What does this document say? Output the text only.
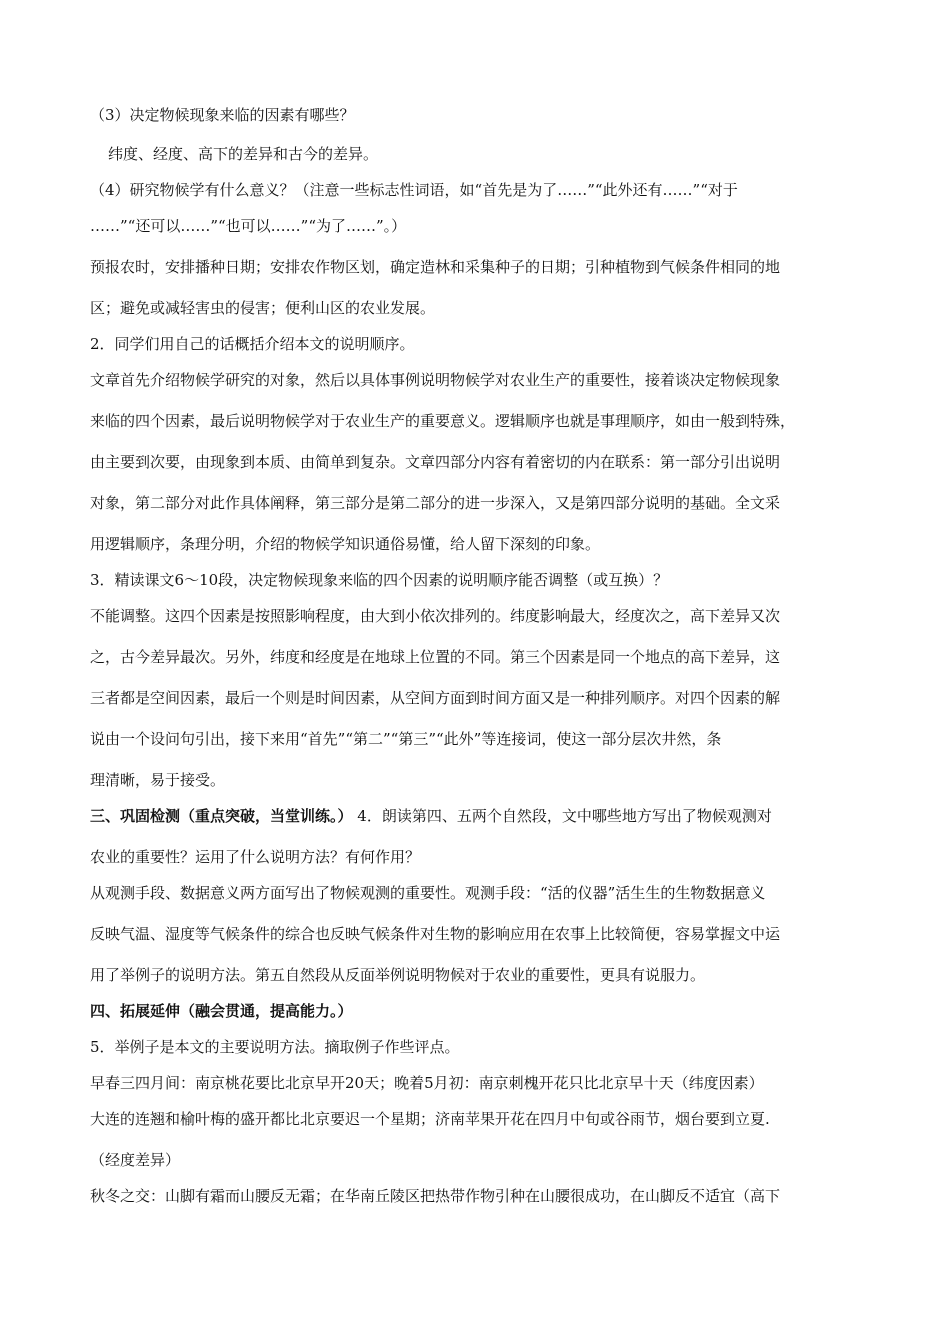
（3）决定物候现象来临的因素有哪些？
纬度、经度、高下的差异和古今的差异。
（4）研究物候学有什么意义？（注意一些标志性词语，如“首先是为了……”“此外还有……”“对于
……”“还可以……”“也可以……”“为了……”。）
预报农时，安排播种日期；安排农作物区划，确定造林和采集种子的日期；引种植物到气候条件相同的地
区；避免或减轻害虫的侵害；便利山区的农业发展。
2．同学们用自己的话概括介绍本文的说明顺序。
文章首先介绍物候学研究的对象，然后以具体事例说明物候学对农业生产的重要性，接着谈决定物候现象
来临的四个因素，最后说明物候学对于农业生产的重要意义。逻辑顺序也就是事理顺序，如由一般到特殊，
由主要到次要，由现象到本质、由简单到复杂。文章四部分内容有着密切的内在联系：第一部分引出说明
对象，第二部分对此作具体阐释，第三部分是第二部分的进一步深入，又是第四部分说明的基础。全文采
用逻辑顺序，条理分明，介绍的物候学知识通俗易懂，给人留下深刻的印象。
3．精读课文6～10段，决定物候现象来临的四个因素的说明顺序能否调整（或互换）？
不能调整。这四个因素是按照影响程度，由大到小依次排列的。纬度影响最大，经度次之，高下差异又次
之，古今差异最次。另外，纬度和经度是在地球上位置的不同。第三个因素是同一个地点的高下差异，这
三者都是空间因素，最后一个则是时间因素，从空间方面到时间方面又是一种排列顺序。对四个因素的解
说由一个设问句引出，接下来用“首先”“第二”“第三”“此外”等连接词，使这一部分层次井然，条
理清晰，易于接受。
三、巩固检测（重点突破，当堂训练。） 4．朗读第四、五两个自然段，文中哪些地方写出了物候观测对
农业的重要性？运用了什么说明方法？有何作用？
从观测手段、数据意义两方面写出了物候观测的重要性。观测手段：“活的仪器”活生生的生物数据意义
反映气温、湿度等气候条件的综合也反映气候条件对生物的影响应用在农事上比较简便，容易掌握文中运
用了举例子的说明方法。第五自然段从反面举例说明物候对于农业的重要性，更具有说服力。
四、拓展延伸（融会贯通，提高能力。）
5．举例子是本文的主要说明方法。摘取例子作些评点。
早春三四月间：南京桃花要比北京早开20天；晚着5月初：南京刺槐开花只比北京早十天（纬度因素）
大连的连翘和榆叶梅的盛开都比北京要迟一个星期；济南苹果开花在四月中旬或谷雨节，烟台要到立夏.
（经度差异）
秋冬之交：山脚有霜而山腰反无霜；在华南丘陵区把热带作物引种在山腰很成功，在山脚反不适宜（高下
